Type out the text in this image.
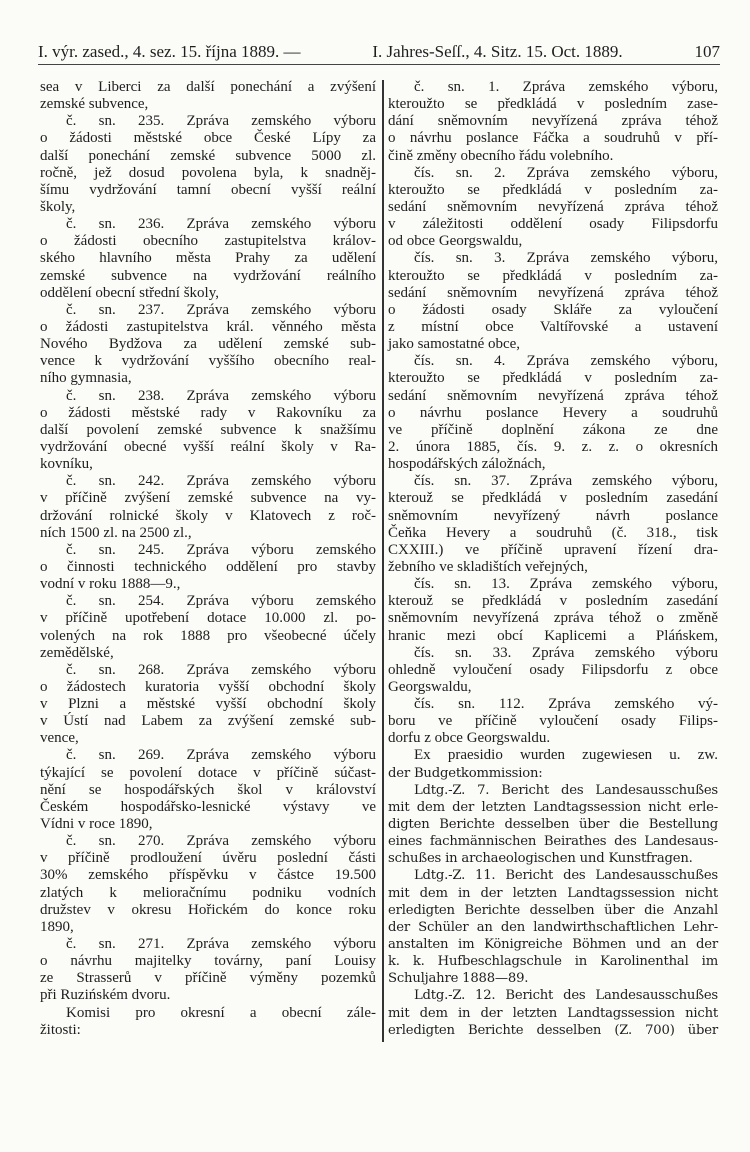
I. výr. zased., 4. sez. 15. října 1889. —	I. Jahres-Seſſ., 4. Sitz. 15. Oct. 1889.	107
sea v Liberci za další ponechání a zvýšení
zemské subvence,
č. sn. 235. Zpráva zemského výboru
o žádosti městské obce České Lípy za
další ponechání zemské subvence 5000 zl.
ročně, jež dosud povolena byla, k snadněj-
šímu vydržování tamní obecní vyšší reální
školy,
č. sn. 236. Zpráva zemského výboru
o žádosti obecního zastupitelstva králov-
ského hlavního města Prahy za udělení
zemské subvence na vydržování reálního
oddělení obecní střední školy,
č. sn. 237. Zpráva zemského výboru
o žádosti zastupitelstva král. věnného města
Nového Bydžova za udělení zemské sub-
vence k vydržování vyššího obecního real-
ního gymnasia,
č. sn. 238. Zpráva zemského výboru
o žádosti městské rady v Rakovníku za
další povolení zemské subvence k snažšímu
vydržování obecné vyšší reální školy v Ra-
kovníku,
č. sn. 242. Zpráva zemského výboru
v příčině zvýšení zemské subvence na vy-
držování rolnické školy v Klatovech z roč-
ních 1500 zl. na 2500 zl.,
č. sn. 245. Zpráva výboru zemského
o činnosti technického oddělení pro stavby
vodní v roku 1888—9.,
č. sn. 254. Zpráva výboru zemského
v příčině upotřebení dotace 10.000 zl. po-
volených na rok 1888 pro všeobecné účely
zemědělské,
č. sn. 268. Zpráva zemského výboru
o žádostech kuratoria vyšší obchodní školy
v Plzni a městské vyšší obchodní školy
v Ústí nad Labem za zvýšení zemské sub-
vence,
č. sn. 269. Zpráva zemského výboru
týkající se povolení dotace v příčině súčast-
nění se hospodářských škol v království
Českém hospodářsko-lesnické výstavy ve
Vídni v roce 1890,
č. sn. 270. Zpráva zemského výboru
v příčině prodloužení úvěru poslední části
30% zemského příspěvku v částce 19.500
zlatých k melioračnímu podniku vodních
družstev v okresu Hořickém do konce roku
1890,
č. sn. 271. Zpráva zemského výboru
o návrhu majitelky továrny, paní Louisy
ze Strasserů v příčině výměny pozemků
při Ruzińském dvoru.
Komisi pro okresní a obecní zále-
žitosti:
č. sn. 1. Zpráva zemského výboru,
kteroužto se předkládá v posledním zase-
dání sněmovním nevyřízená zpráva téhož
o návrhu poslance Fáčka a soudruhů v pří-
čině změny obecního řádu volebního.
čís. sn. 2. Zpráva zemského výboru,
kteroužto se předkládá v posledním za-
sedání sněmovním nevyřízená zpráva téhož
v záležitosti oddělení osady Filipsdorfu
od obce Georgswaldu,
čís. sn. 3. Zpráva zemského výboru,
kteroužto se předkládá v posledním za-
sedání sněmovním nevyřízená zpráva téhož
o žádosti osady Skláře za vyloučení
z místní obce Valtířovské a ustavení
jako samostatné obce,
čís. sn. 4. Zpráva zemského výboru,
kteroužto se předkládá v posledním za-
sedání sněmovním nevyřízená zpráva téhož
o návrhu poslance Hevery a soudruhů
ve příčině doplnění zákona ze dne
2. února 1885, čís. 9. z. z. o okresních
hospodářských záložnách,
čís. sn. 37. Zpráva zemského výboru,
kterouž se předkládá v posledním zasedání
sněmovním nevyřízený návrh poslance
Čeňka Hevery a soudruhů (č. 318., tisk
CXXIII.) ve příčině upravení řízení dra-
žebního ve skladištích veřejných,
čís. sn. 13. Zpráva zemského výboru,
kterouž se předkládá v posledním zasedání
sněmovním nevyřízená zpráva téhož o změně
hranic mezi obcí Kaplicemi a Pláńskem,
čís. sn. 33. Zpráva zemského výboru
ohledně vyloučení osady Filipsdorfu z obce
Georgswaldu,
čís. sn. 112. Zpráva zemského vý-
boru ve příčině vyloučení osady Filips-
dorfu z obce Georgswaldu.
Ex praesidio wurden zugewiesen u. zw.
der Budgetkommission:
Ldtg.-Z. 7. Bericht des Landesausschußes
mit dem der letzten Landtagssession nicht erle-
digten Berichte desselben über die Bestellung
eines fachmännischen Beirathes des Landesaus-
schußes in archaeologischen und Kunstfragen.
Ldtg.-Z. 11. Bericht des Landesausschußes
mit dem in der letzten Landtagssession nicht
erledigten Berichte desselben über die Anzahl
der Schüler an den landwirthschaftlichen Lehr-
anstalten im Königreiche Böhmen und an der
k. k. Hufbeschlagschule in Karolinenthal im
Schuljahre 1888—89.
Ldtg.-Z. 12. Bericht des Landesausschußes
mit dem in der letzten Landtagssession nicht
erledigten Berichte desselben (Z. 700) über
